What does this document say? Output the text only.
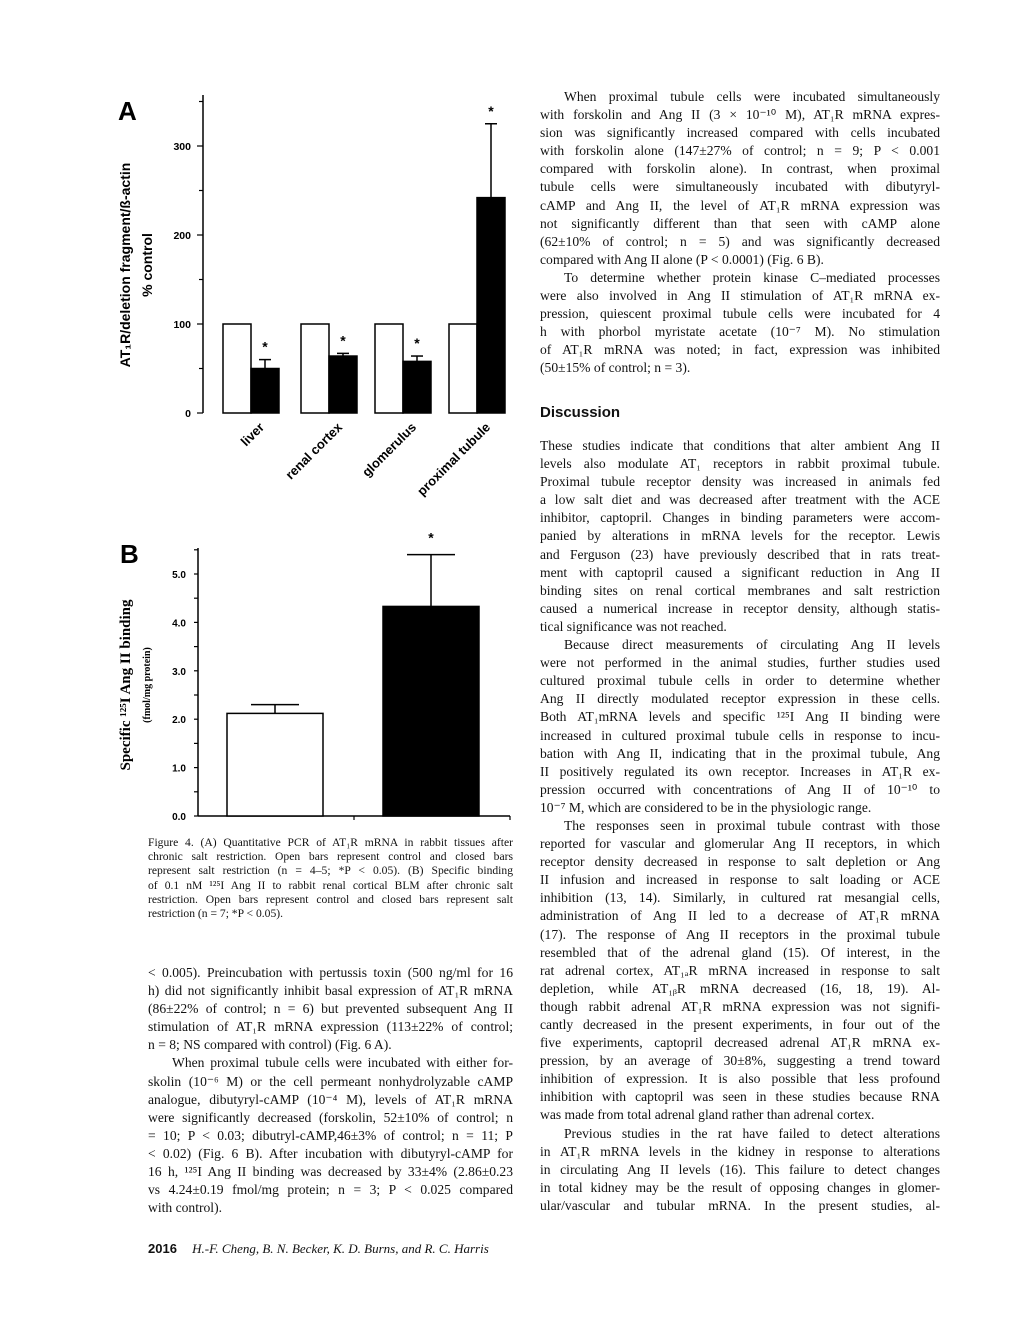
A
0
100
200
300
AT₁R/deletion fragment/ß-actin % control
*
liver
*
renal cortex
*
glomerulus
*
proximal tubule
B
0.0
1.0
2.0
3.0
4.0
5.0
Specific ¹²⁵I Ang II binding (fmol/mg protein)
*
Figure 4. (A) Quantitative PCR of AT₁R mRNA in rabbit tissues after
chronic salt restriction. Open bars represent control and closed bars
represent salt restriction (n = 4–5; *P < 0.05). (B) Specific binding
of 0.1 nM ¹²⁵I Ang II to rabbit renal cortical BLM after chronic salt
restriction. Open bars represent control and closed bars represent salt
restriction (n = 7; *P < 0.05).
< 0.005). Preincubation with pertussis toxin (500 ng/ml for 16
h) did not significantly inhibit basal expression of AT₁R mRNA
(86±22% of control; n = 6) but prevented subsequent Ang II
stimulation of AT₁R mRNA expression (113±22% of control;
n = 8; NS compared with control) (Fig. 6 A).
When proximal tubule cells were incubated with either for-
skolin (10⁻⁶ M) or the cell permeant nonhydrolyzable cAMP
analogue, dibutyryl-cAMP (10⁻⁴ M), levels of AT₁R mRNA
were significantly decreased (forskolin, 52±10% of control; n
= 10; P < 0.03; dibutryl-cAMP,46±3% of control; n = 11; P
< 0.02) (Fig. 6 B). After incubation with dibutyryl-cAMP for
16 h, ¹²⁵I Ang II binding was decreased by 33±4% (2.86±0.23
vs 4.24±0.19 fmol/mg protein; n = 3; P < 0.025 compared
with control).
When proximal tubule cells were incubated simultaneously
with forskolin and Ang II (3 × 10⁻¹⁰ M), AT₁R mRNA expres-
sion was significantly increased compared with cells incubated
with forskolin alone (147±27% of control; n = 9; P < 0.001
compared with forskolin alone). In contrast, when proximal
tubule cells were simultaneously incubated with dibutyryl-
cAMP and Ang II, the level of AT₁R mRNA expression was
not significantly different than that seen with cAMP alone
(62±10% of control; n = 5) and was significantly decreased
compared with Ang II alone (P < 0.0001) (Fig. 6 B).
To determine whether protein kinase C–mediated processes
were also involved in Ang II stimulation of AT₁R mRNA ex-
pression, quiescent proximal tubule cells were incubated for 4
h with phorbol myristate acetate (10⁻⁷ M). No stimulation
of AT₁R mRNA was noted; in fact, expression was inhibited
(50±15% of control; n = 3).
Discussion
These studies indicate that conditions that alter ambient Ang II
levels also modulate AT₁ receptors in rabbit proximal tubule.
Proximal tubule receptor density was increased in animals fed
a low salt diet and was decreased after treatment with the ACE
inhibitor, captopril. Changes in binding parameters were accom-
panied by alterations in mRNA levels for the receptor. Lewis
and Ferguson (23) have previously described that in rats treat-
ment with captopril caused a significant reduction in Ang II
binding sites on renal cortical membranes and salt restriction
caused a numerical increase in receptor density, although statis-
tical significance was not reached.
Because direct measurements of circulating Ang II levels
were not performed in the animal studies, further studies used
cultured proximal tubule cells in order to determine whether
Ang II directly modulated receptor expression in these cells.
Both AT₁mRNA levels and specific ¹²⁵I Ang II binding were
increased in cultured proximal tubule cells in response to incu-
bation with Ang II, indicating that in the proximal tubule, Ang
II positively regulated its own receptor. Increases in AT₁R ex-
pression occurred with concentrations of Ang II of 10⁻¹⁰ to
10⁻⁷ M, which are considered to be in the physiologic range.
The responses seen in proximal tubule contrast with those
reported for vascular and glomerular Ang II receptors, in which
receptor density decreased in response to salt depletion or Ang
II infusion and increased in response to salt loading or ACE
inhibition (13, 14). Similarly, in cultured rat mesangial cells,
administration of Ang II led to a decrease of AT₁R mRNA
(17). The response of Ang II receptors in the proximal tubule
resembled that of the adrenal gland (15). Of interest, in the
rat adrenal cortex, AT₁ₐR mRNA increased in response to salt
depletion, while AT₁ᵦR mRNA decreased (16, 18, 19). Al-
though rabbit adrenal AT₁R mRNA expression was not signifi-
cantly decreased in the present experiments, in four out of the
five experiments, captopril decreased adrenal AT₁R mRNA ex-
pression, by an average of 30±8%, suggesting a trend toward
inhibition of expression. It is also possible that less profound
inhibition with captopril was seen in these studies because RNA
was made from total adrenal gland rather than adrenal cortex.
Previous studies in the rat have failed to detect alterations
in AT₁R mRNA levels in the kidney in response to alterations
in circulating Ang II levels (16). This failure to detect changes
in total kidney may be the result of opposing changes in glomer-
ular/vascular and tubular mRNA. In the present studies, al-
2016 H.-F. Cheng, B. N. Becker, K. D. Burns, and R. C. Harris
